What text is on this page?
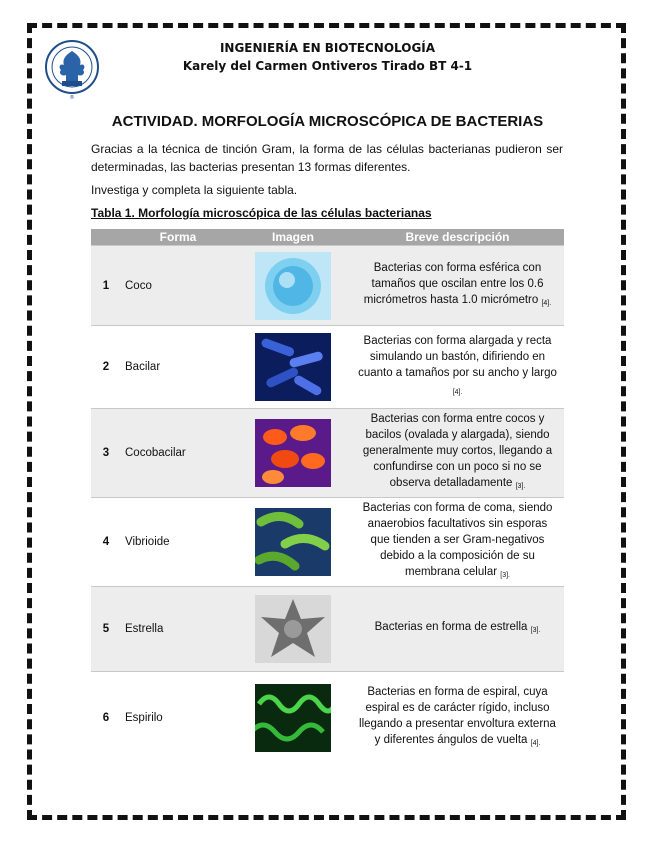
®
INGENIERÍA EN BIOTECNOLOGÍA
Karely del Carmen Ontiveros Tirado BT 4-1
ACTIVIDAD. MORFOLOGÍA MICROSCÓPICA DE BACTERIAS
Gracias a la técnica de tinción Gram, la forma de las células bacterianas pudieron ser determinadas, las bacterias presentan 13 formas diferentes.
Investiga y completa la siguiente tabla.
Tabla 1. Morfología microscópica de las células bacterianas
	Forma	Imagen	Breve descripción
1	Coco		Bacterias con forma esférica con tamaños que oscilan entre los 0.6 micrómetros hasta 1.0 micrómetro $_{[4].}$
2	Bacilar		Bacterias con forma alargada y recta simulando un bastón, difiriendo en cuanto a tamaños por su ancho y largo $_{[4].}$
3	Cocobacilar		Bacterias con forma entre cocos y bacilos (ovalada y alargada), siendo generalmente muy cortos, llegando a confundirse con un poco si no se observa detalladamente $_{[3].}$
4	Vibrioide		Bacterias con forma de coma, siendo anaerobios facultativos sin esporas que tienden a ser Gram-negativos debido a la composición de su membrana celular $_{[3].}$
5	Estrella		Bacterias en forma de estrella $_{[3].}$
6	Espirilo		Bacterias en forma de espiral, cuya espiral es de carácter rígido, incluso llegando a presentar envoltura externa y diferentes ángulos de vuelta $_{[4].}$
